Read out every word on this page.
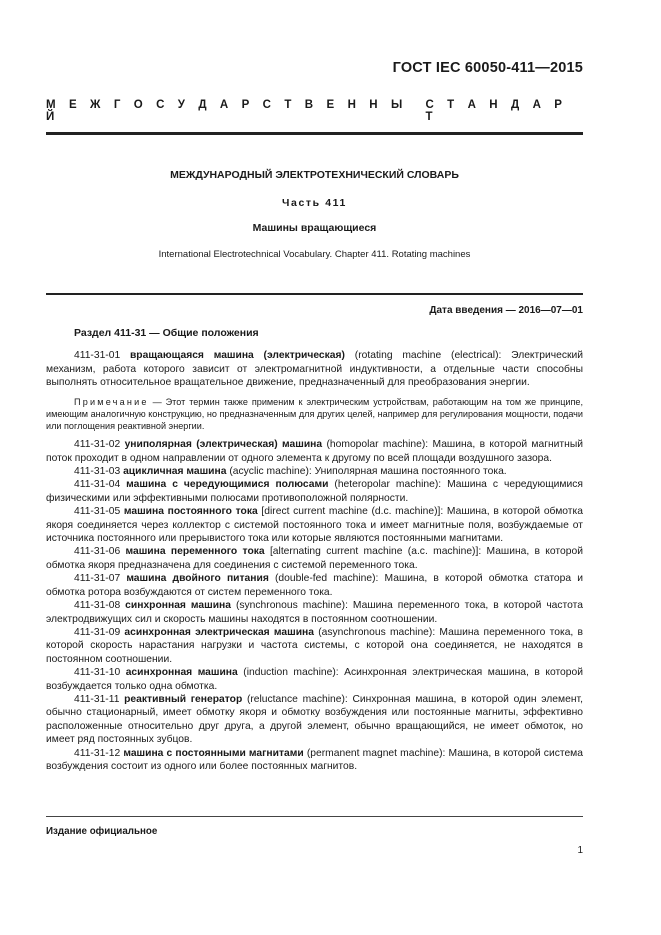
ГОСТ IEC 60050-411—2015
М Е Ж Г О С У Д А Р С Т В Е Н Н Ы Й
С Т А Н Д А Р Т
МЕЖДУНАРОДНЫЙ ЭЛЕКТРОТЕХНИЧЕСКИЙ СЛОВАРЬ
Часть 411
Машины вращающиеся
International Electrotechnical Vocabulary. Chapter 411. Rotating machines
Дата введения — 2016—07—01
Раздел 411-31 — Общие положения

411-31-01 вращающаяся машина (электрическая) (rotating machine (electrical): Электрический механизм, работа которого зависит от электромагнитной индуктивности, а отдельные части способны выполнять относительное вращательное движение, предназначенный для преобразования энергии.

Примечание — Этот термин также применим к электрическим устройствам, работающим на том же принципе, имеющим аналогичную конструкцию, но предназначенным для других целей, например для регулирования мощности, подачи или поглощения реактивной энергии.

411-31-02 униполярная (электрическая) машина (homopolar machine): Машина, в которой магнитный поток проходит в одном направлении от одного элемента к другому по всей площади воздушного зазора.

411-31-03 ацикличная машина (acyclic machine): Униполярная машина постоянного тока.

411-31-04 машина с чередующимися полюсами (heteropolar machine): Машина с чередующимися физическими или эффективными полюсами противоположной полярности.

411-31-05 машина постоянного тока [direct current machine (d.c. machine)]: Машина, в которой обмотка якоря соединяется через коллектор с системой постоянного тока и имеет магнитные поля, возбуждаемые от источника постоянного или прерывистого тока или которые являются постоянными магнитами.

411-31-06 машина переменного тока [alternating current machine (a.c. machine)]: Машина, в которой обмотка якоря предназначена для соединения с системой переменного тока.

411-31-07 машина двойного питания (double-fed machine): Машина, в которой обмотка статора и обмотка ротора возбуждаются от систем переменного тока.

411-31-08 синхронная машина (synchronous machine): Машина переменного тока, в которой частота электродвижущих сил и скорость машины находятся в постоянном соотношении.

411-31-09 асинхронная электрическая машина (asynchronous machine): Машина переменного тока, в которой скорость нарастания нагрузки и частота системы, с которой она соединяется, не находятся в постоянном соотношении.

411-31-10 асинхронная машина (induction machine): Асинхронная электрическая машина, в которой возбуждается только одна обмотка.

411-31-11 реактивный генератор (reluctance machine): Синхронная машина, в которой один элемент, обычно стационарный, имеет обмотку якоря и обмотку возбуждения или постоянные магниты, эффективно расположенные относительно друг друга, а другой элемент, обычно вращающийся, не имеет обмоток, но имеет ряд постоянных зубцов.

411-31-12 машина с постоянными магнитами (permanent magnet machine): Машина, в которой система возбуждения состоит из одного или более постоянных магнитов.

Издание официальное
1
